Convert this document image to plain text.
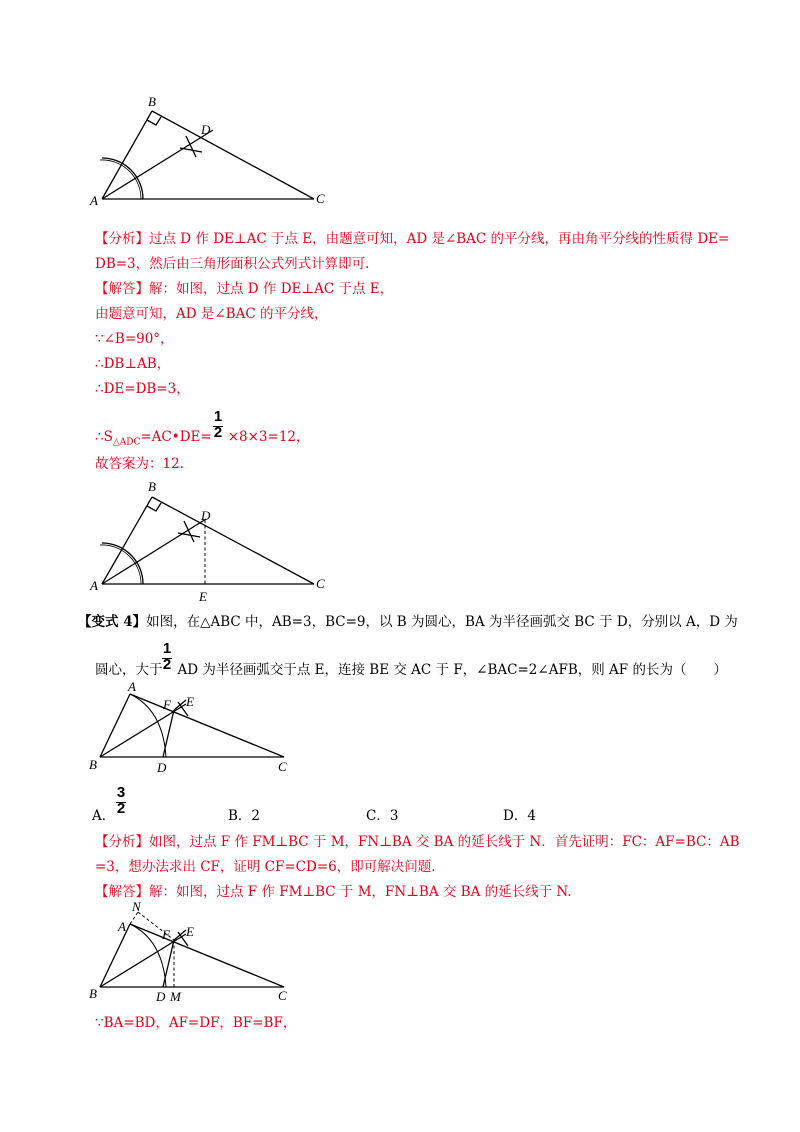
B
D
A	C
【分析】过点 D 作 DE⊥AC 于点 E，由题意可知，AD 是∠BAC 的平分线，再由角平分线的性质得 DE=
DB=3，然后由三角形面积公式列式计算即可.
【解答】解：如图，过点 D 作 DE⊥AC 于点 E，
由题意可知，AD 是∠BAC 的平分线，
∵∠B=90°，
∴DB⊥AB，
∴DE=DB=3，
$\therefore S_{\triangle ADC}=AC•DE= \times 8\times 3=12$，
1
2
故答案为：12.
B
D
A	C
E
【变式 4】如图，在△ABC 中，AB=3，BC=9，以 B 为圆心，BA 为半径画弧交 BC 于 D，分别以 A，D 为
圆心，大于 AD 为半径画弧交于点 E，连接 BE 交 AC 于 F，∠BAC=2∠AFB，则 AF 的长为（　　）
1
2
A
F E
B	D	C
A．
3
2	B．2	C．3	D．4
【分析】如图，过点 F 作 FM⊥BC 于 M，FN⊥BA 交 BA 的延长线于 N．首先证明：FC：AF=BC：AB
=3，想办法求出 CF，证明 CF=CD=6，即可解决问题.
【解答】解：如图，过点 F 作 FM⊥BC 于 M，FN⊥BA 交 BA 的延长线于 N.
N
A
F E
B	D M	C
∵BA=BD，AF=DF，BF=BF，
